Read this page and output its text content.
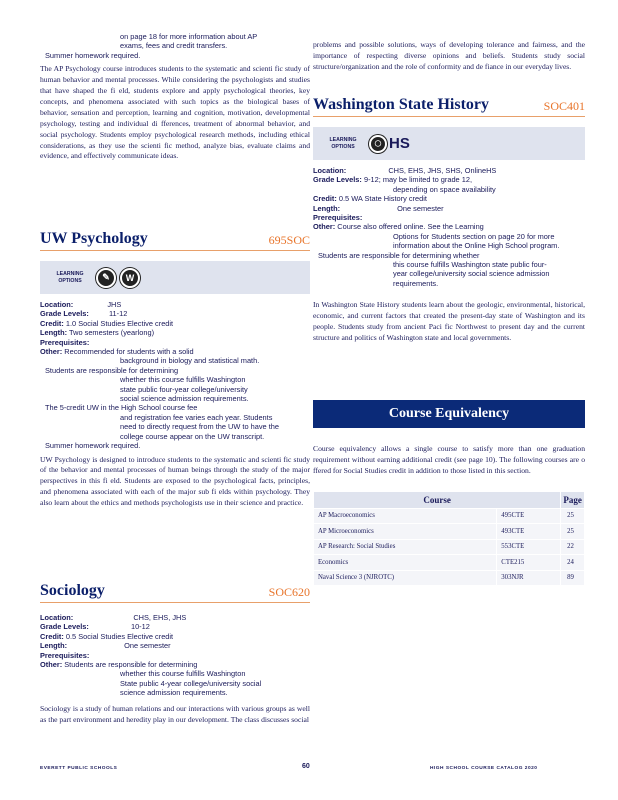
on page 18 for more information about AP

exams, fees and credit transfers.

Summer homework required.

The AP Psychology course introduces students to the systematic and scienti fic study of human behavior and mental processes. While considering the psychologists and studies that have shaped the fi eld, students explore and apply psychological theories, key concepts, and phenomena associated with such topics as the biological bases of behavior, sensation and perception, learning and cognition, motivation, developmental psychology, testing and individual di fferences, treatment of abnormal behavior, and social psychology. Students employ psychological research methods, including ethical considerations, as they use the scienti fic method, analyze bias, evaluate claims and evidence, and effectively communicate ideas.

UW Psychology	695SOC
LEARNING OPTIONS	✎	W

Location:	JHS

Grade Levels:	11-12

Credit: 1.0 Social Studies Elective credit

Length: Two semesters (yearlong)

Prerequisites:

Other: Recommended for students with a solid

background in biology and statistical math.

Students are responsible for determining

whether this course fulfills Washington

state public four-year college/university

social science admission requirements.

The 5-credit UW in the High School course fee

and registration fee varies each year. Students

need to directly request from the UW to have the

college course appear on the UW transcript.

Summer homework required.

UW Psychology is designed to introduce students to the systematic and scienti fic study of the behavior and mental processes of human beings through the study of the major perspectives in this fi eld. Students are exposed to the psychological facts, principles, and phenomena associated with each of the major sub fi elds within psychology. They also learn about the ethics and methods psychologists use in their science and practice.

Sociology	SOC620

Location:	CHS, EHS, JHS

Grade Levels:	10-12

Credit: 0.5 Social Studies Elective credit

Length:	One semester

Prerequisites:

Other: Students are responsible for determining

whether this course fulfills Washington

State public 4-year college/university social

science admission requirements.

Sociology is a study of human relations and our interactions with various groups as well as the part environment and heredity play in our development. The class discusses social

problems and possible solutions, ways of developing tolerance and fairness, and the importance of respecting diverse opinions and beliefs. Students study social structure/organization and the role of conformity and de fiance in our everyday lives.

Washington State History	SOC401
LEARNING OPTIONS	◯ HS

Location:	CHS, EHS, JHS, SHS, OnlineHS

Grade Levels: 9-12; may be limited to grade 12,

depending on space availability

Credit: 0.5 WA State History credit

Length:	One semester

Prerequisites:

Other: Course also offered online. See the Learning

Options for Students section on page 20 for more

information about the Online High School program.

Students are responsible for determining whether

this course fulfills Washington state public four-

year college/university social science admission

requirements.

In Washington State History students learn about the geologic, environmental, historical, economic, and current factors that created the present-day state of Washington and its people. Students study from ancient Paci fic Northwest to present day and the current structure and politics of Washington state and local governments.

Course Equivalency

Course equivalency allows a single course to satisfy more than one graduation requirement without earning additional credit (see page 10). The following courses are o ffered for Social Studies credit in addition to those listed in this section.

Course		Page
AP Macroeconomics	495CTE	25
AP Microeconomics	493CTE	25
AP Research: Social Studies	553CTE	22
Economics	CTE215	24
Naval Science 3 (NJROTC)	303NJR	89
EVERETT PUBLIC SCHOOLS	60	HIGH SCHOOL COURSE CATALOG 2020
